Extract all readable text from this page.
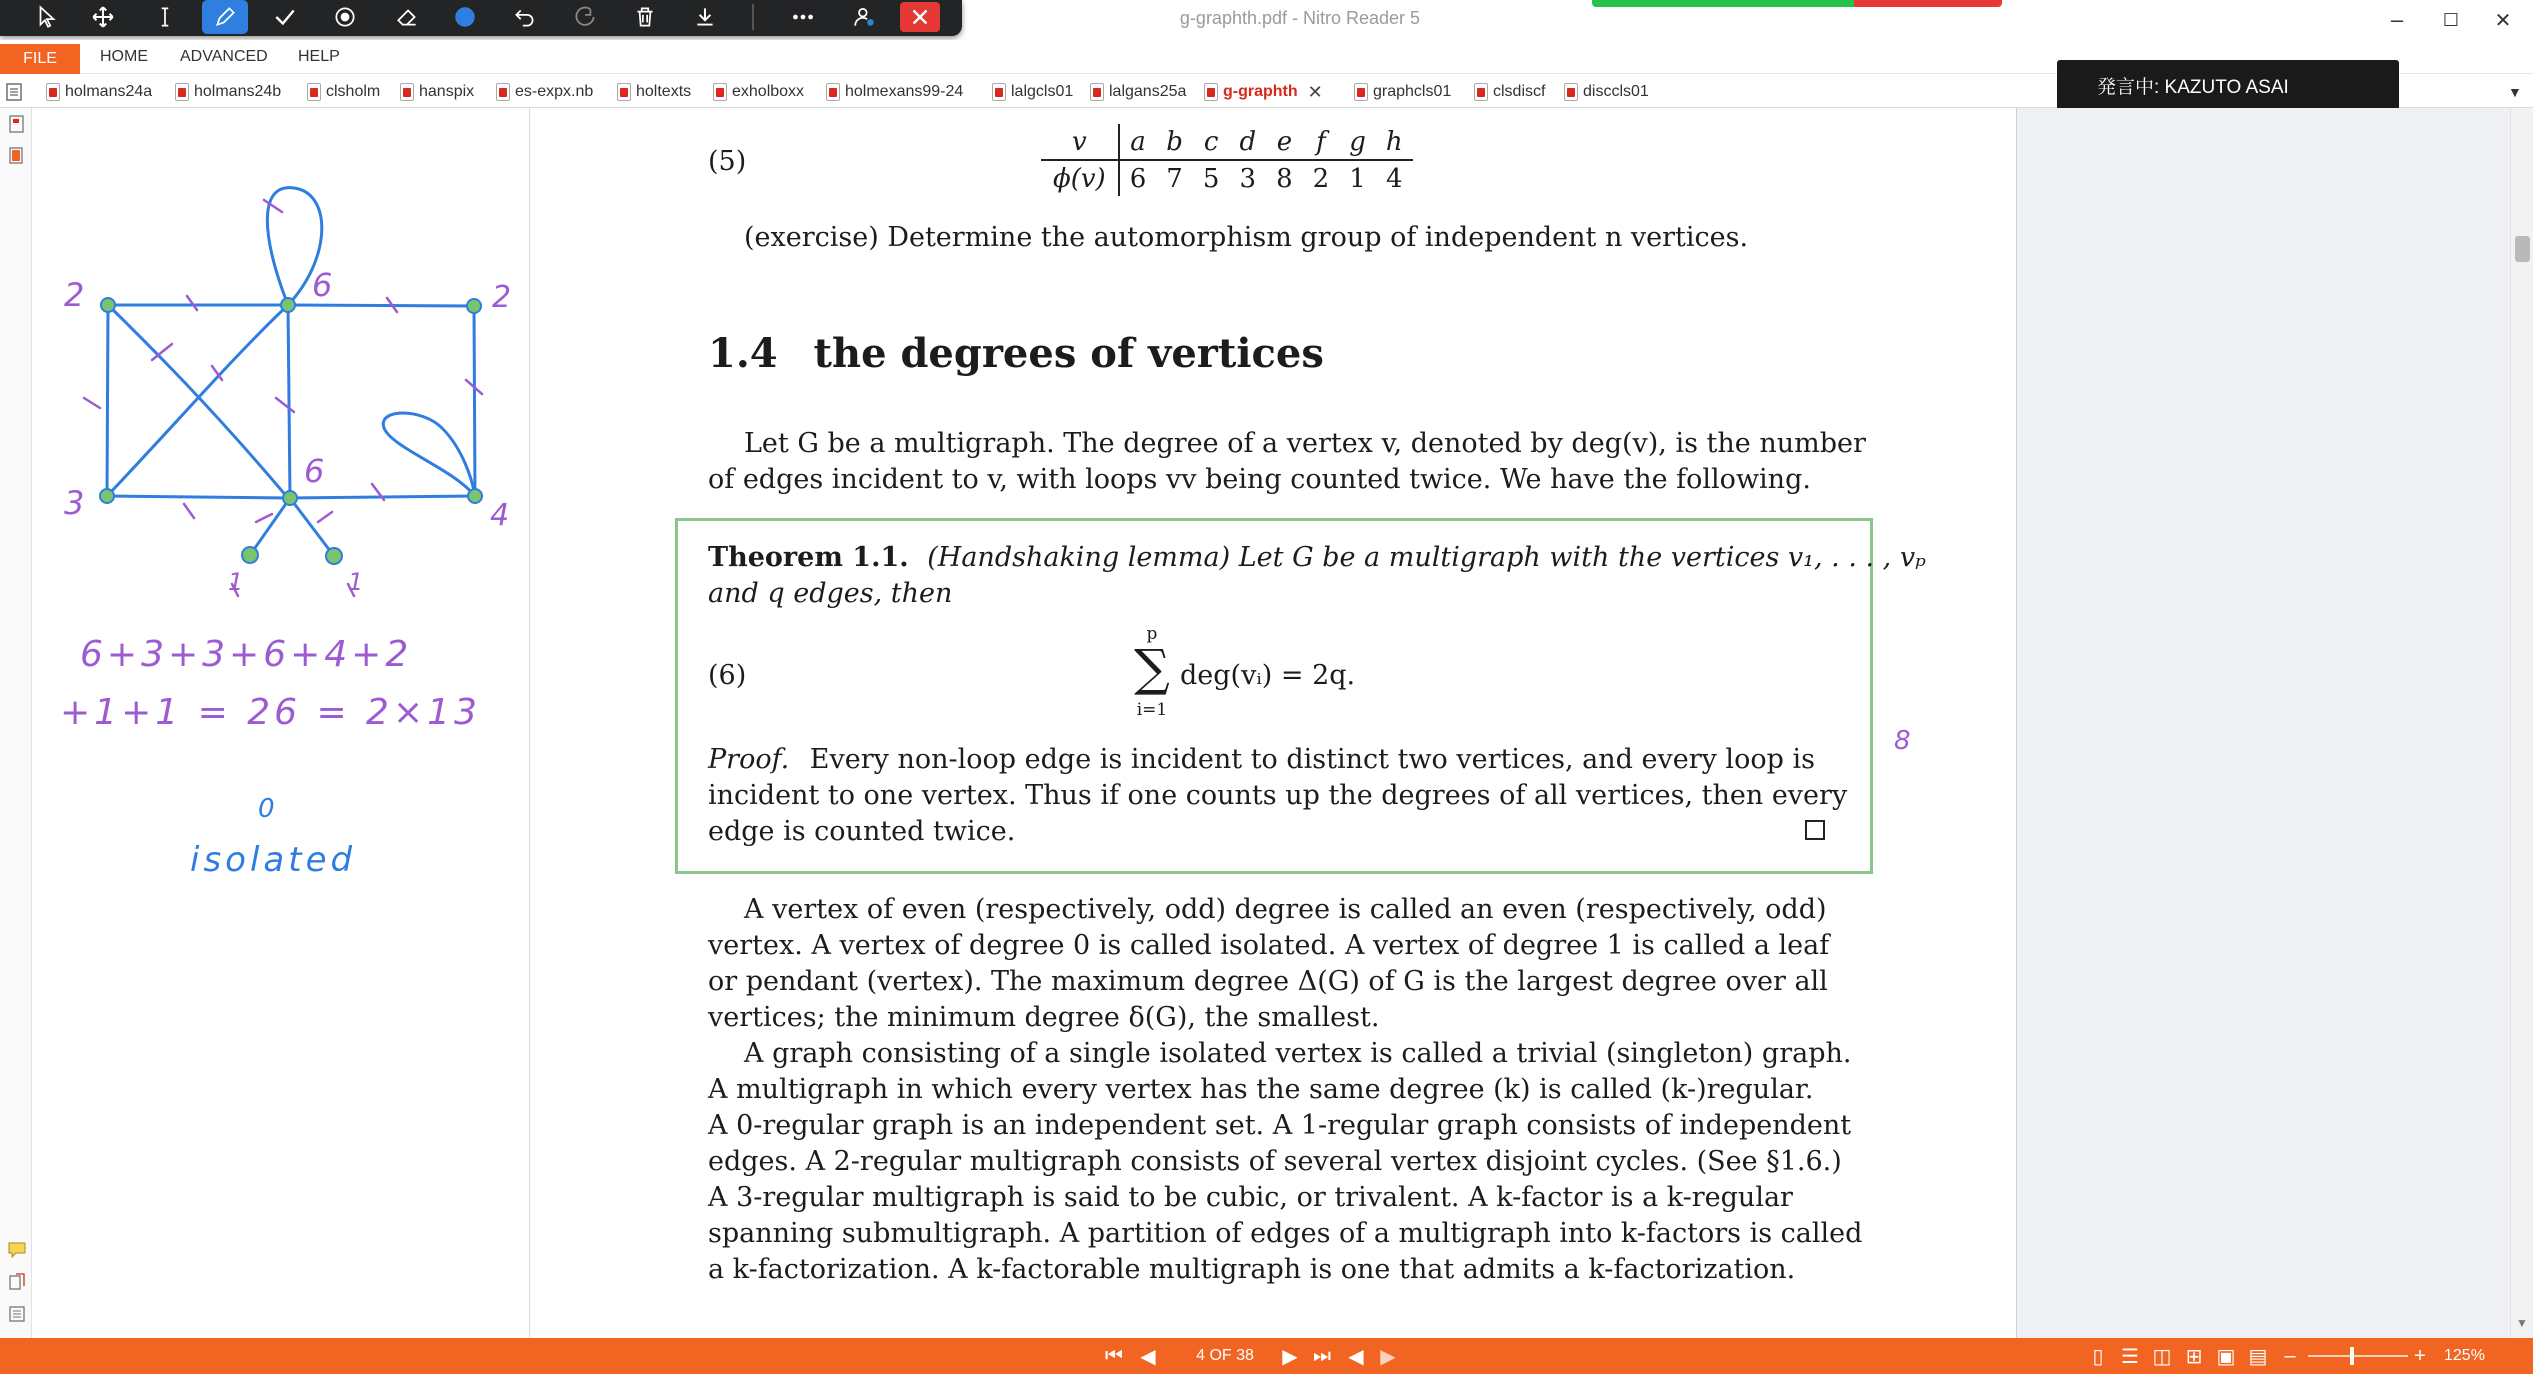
g-graphth.pdf - Nitro Reader 5	–	☐	✕
FILE	HOME ADVANCED HELP
holmans24a	holmans24b	clsholm hanspix	es-expx.nb	holtexts	exholboxx	holmexans99-24	lalgcls01 lalgans25a g-graphth ✕	graphcls01	clsdiscf disccls01	▼
発言中: KAZUTO ASAI
2	6	2
3
6
4
1	1
6+3+3+6+4+2
+1+1 = 26 = 2×13
0
isolated
(5)
v	a	b	c	d	e	f	g	h
ϕ(v)	6	7	5	3	8	2	1	4
(exercise) Determine the automorphism group of independent n vertices.
1.4 the degrees of vertices
Let G be a multigraph. The degree of a vertex v, denoted by deg(v), is the number
of edges incident to v, with loops vv being counted twice. We have the following.
Theorem 1.1. (Handshaking lemma) Let G be a multigraph with the vertices v₁, . . . , vₚ
and q edges, then
(6)
p
∑
i=1
deg(vᵢ) = 2q.
Proof. Every non-loop edge is incident to distinct two vertices, and every loop is
incident to one vertex. Thus if one counts up the degrees of all vertices, then every
edge is counted twice.
A vertex of even (respectively, odd) degree is called an even (respectively, odd)
vertex. A vertex of degree 0 is called isolated. A vertex of degree 1 is called a leaf
or pendant (vertex). The maximum degree Δ(G) of G is the largest degree over all
vertices; the minimum degree δ(G), the smallest.
A graph consisting of a single isolated vertex is called a trivial (singleton) graph.
A multigraph in which every vertex has the same degree (k) is called (k-)regular.
A 0-regular graph is an independent set. A 1-regular graph consists of independent
edges. A 2-regular multigraph consists of several vertex disjoint cycles. (See §1.6.)
A 3-regular multigraph is said to be cubic, or trivalent. A k-factor is a k-regular
spanning submultigraph. A partition of edges of a multigraph into k-factors is called
a k-factorization. A k-factorable multigraph is one that admits a k-factorization.
8
▼
⏮ ◀	4 OF 38	▶ ⏭ ◀ ▶	▯ ☰ ◫ ⊞ ▣ ▤ –	+ 125%
